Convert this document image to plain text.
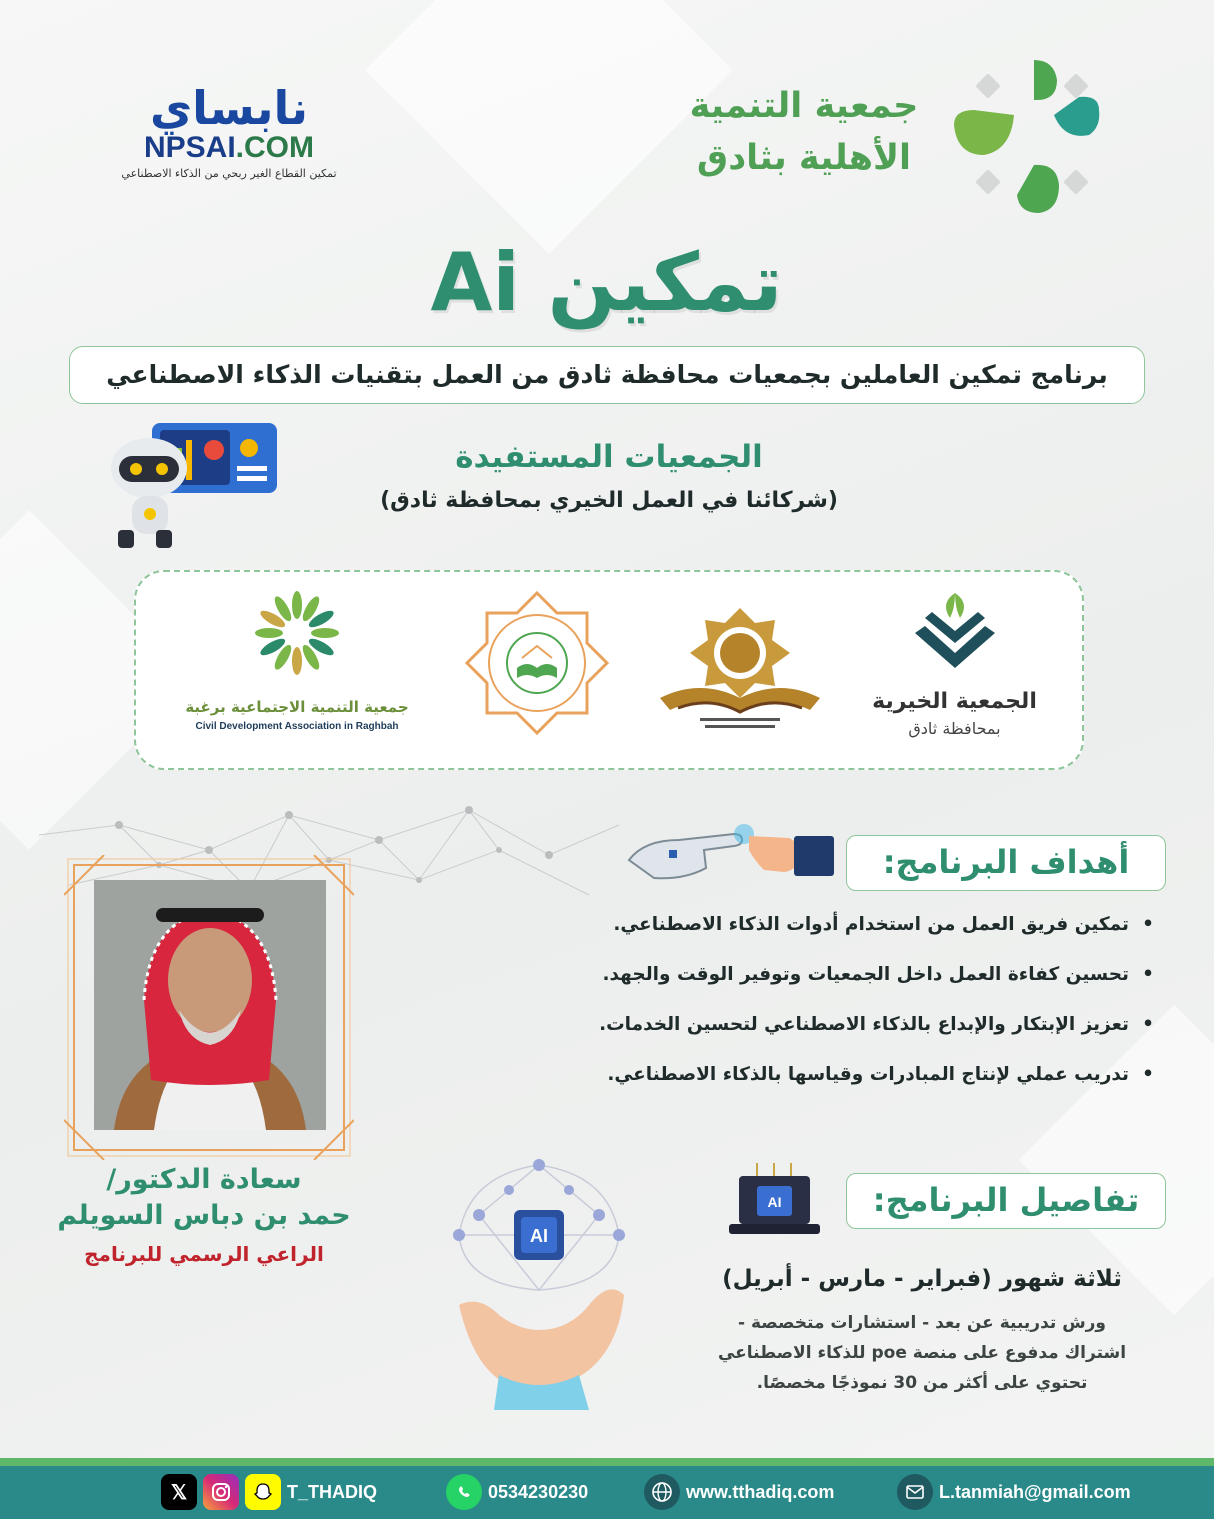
جمعية التنمية
الأهلية بثادق
نابساي
NPSAI.COM
تمكين القطاع الغير ربحي من الذكاء الاصطناعي
تمكين Ai
برنامج تمكين العاملين بجمعيات محافظة ثادق من العمل بتقنيات الذكاء الاصطناعي
الجمعيات المستفيدة
(شركائنا في العمل الخيري بمحافظة ثادق)
الجمعية الخيرية
بمحافظة ثادق
جمعية التنمية الاجتماعية برغبة
Civil Development Association in Raghbah
أهداف البرنامج:
•تمكين فريق العمل من استخدام أدوات الذكاء الاصطناعي.
•تحسين كفاءة العمل داخل الجمعيات وتوفير الوقت والجهد.
•تعزيز الإبتكار والإبداع بالذكاء الاصطناعي لتحسين الخدمات.
•تدريب عملي لإنتاج المبادرات وقياسها بالذكاء الاصطناعي.
سعادة الدكتور/
حمد بن دباس السويلم
الراعي الرسمي للبرنامج
AI
AI	تفاصيل البرنامج:
ثلاثة شهور (فبراير - مارس - أبريل)
ورش تدريبية عن بعد - استشارات متخصصة -
اشتراك مدفوع على منصة poe للذكاء الاصطناعي
تحتوي على أكثر من 30 نموذجًا مخصصًا.
𝕏	T_THADIQ	0534230230	www.tthadiq.com	L.tanmiah@gmail.com
